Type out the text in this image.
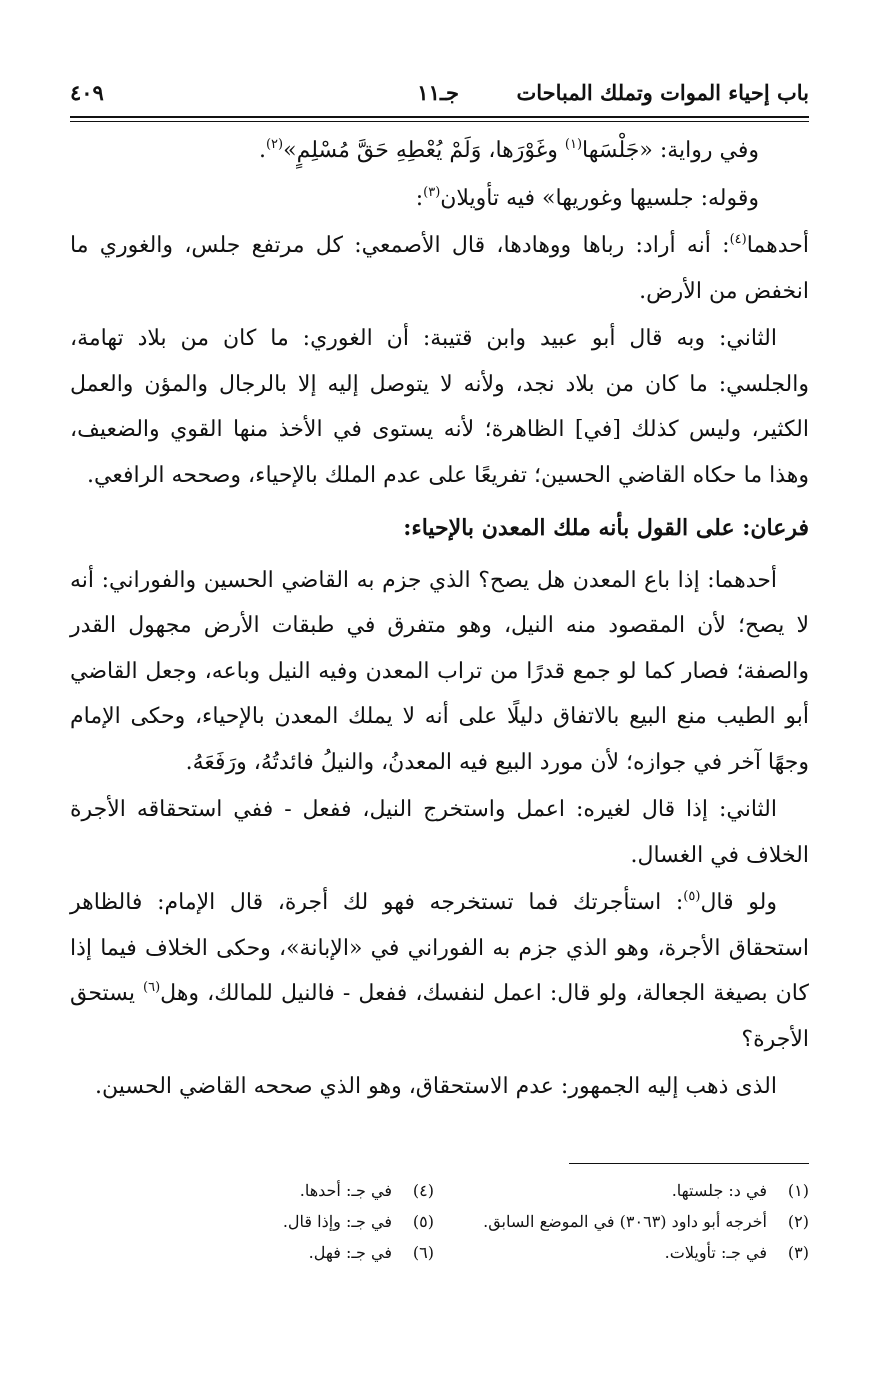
باب إحياء الموات وتملك المباحات
جـ١١
٤٠٩

وفي رواية: «جَلْسَها$^{(١)}$ وغَوْرَها، وَلَمْ يُعْطِهِ حَقَّ مُسْلِمٍ»$^{(٢)}$.

وقوله: جلسيها وغوريها» فيه تأويلان$^{(٣)}$:

أحدهما$^{(٤)}$: أنه أراد: رباها ووهادها، قال الأصمعي: كل مرتفع جلس، والغوري ما انخفض من الأرض.

الثاني: وبه قال أبو عبيد وابن قتيبة: أن الغوري: ما كان من بلاد تهامة، والجلسي: ما كان من بلاد نجد، ولأنه لا يتوصل إليه إلا بالرجال والمؤن والعمل الكثير، وليس كذلك [في] الظاهرة؛ لأنه يستوى في الأخذ منها القوي والضعيف، وهذا ما حكاه القاضي الحسين؛ تفريعًا على عدم الملك بالإحياء، وصححه الرافعي.

فرعان: على القول بأنه ملك المعدن بالإحياء:

أحدهما: إذا باع المعدن هل يصح؟ الذي جزم به القاضي الحسين والفوراني: أنه لا يصح؛ لأن المقصود منه النيل، وهو متفرق في طبقات الأرض مجهول القدر والصفة؛ فصار كما لو جمع قدرًا من تراب المعدن وفيه النيل وباعه، وجعل القاضي أبو الطيب منع البيع بالاتفاق دليلًا على أنه لا يملك المعدن بالإحياء، وحكى الإمام وجهًا آخر في جوازه؛ لأن مورد البيع فيه المعدنُ، والنيلُ فائدتُهُ، ورَفَعَهُ.

الثاني: إذا قال لغيره: اعمل واستخرج النيل، ففعل - ففي استحقاقه الأجرة الخلاف في الغسال.

ولو قال$^{(٥)}$: استأجرتك فما تستخرجه فهو لك أجرة، قال الإمام: فالظاهر استحقاق الأجرة، وهو الذي جزم به الفوراني في «الإبانة»، وحكى الخلاف فيما إذا كان بصيغة الجعالة، ولو قال: اعمل لنفسك، ففعل - فالنيل للمالك، وهل$^{(٦)}$ يستحق الأجرة؟

الذى ذهب إليه الجمهور: عدم الاستحقاق، وهو الذي صححه القاضي الحسين.

(١)
في د: جلستها.
(٢)
أخرجه أبو داود (٣٠٦٣) في الموضع السابق.
(٣)
في جـ: تأويلات.
(٤)
في جـ: أحدها.
(٥)
في جـ: وإذا قال.
(٦)
في جـ: فهل.
